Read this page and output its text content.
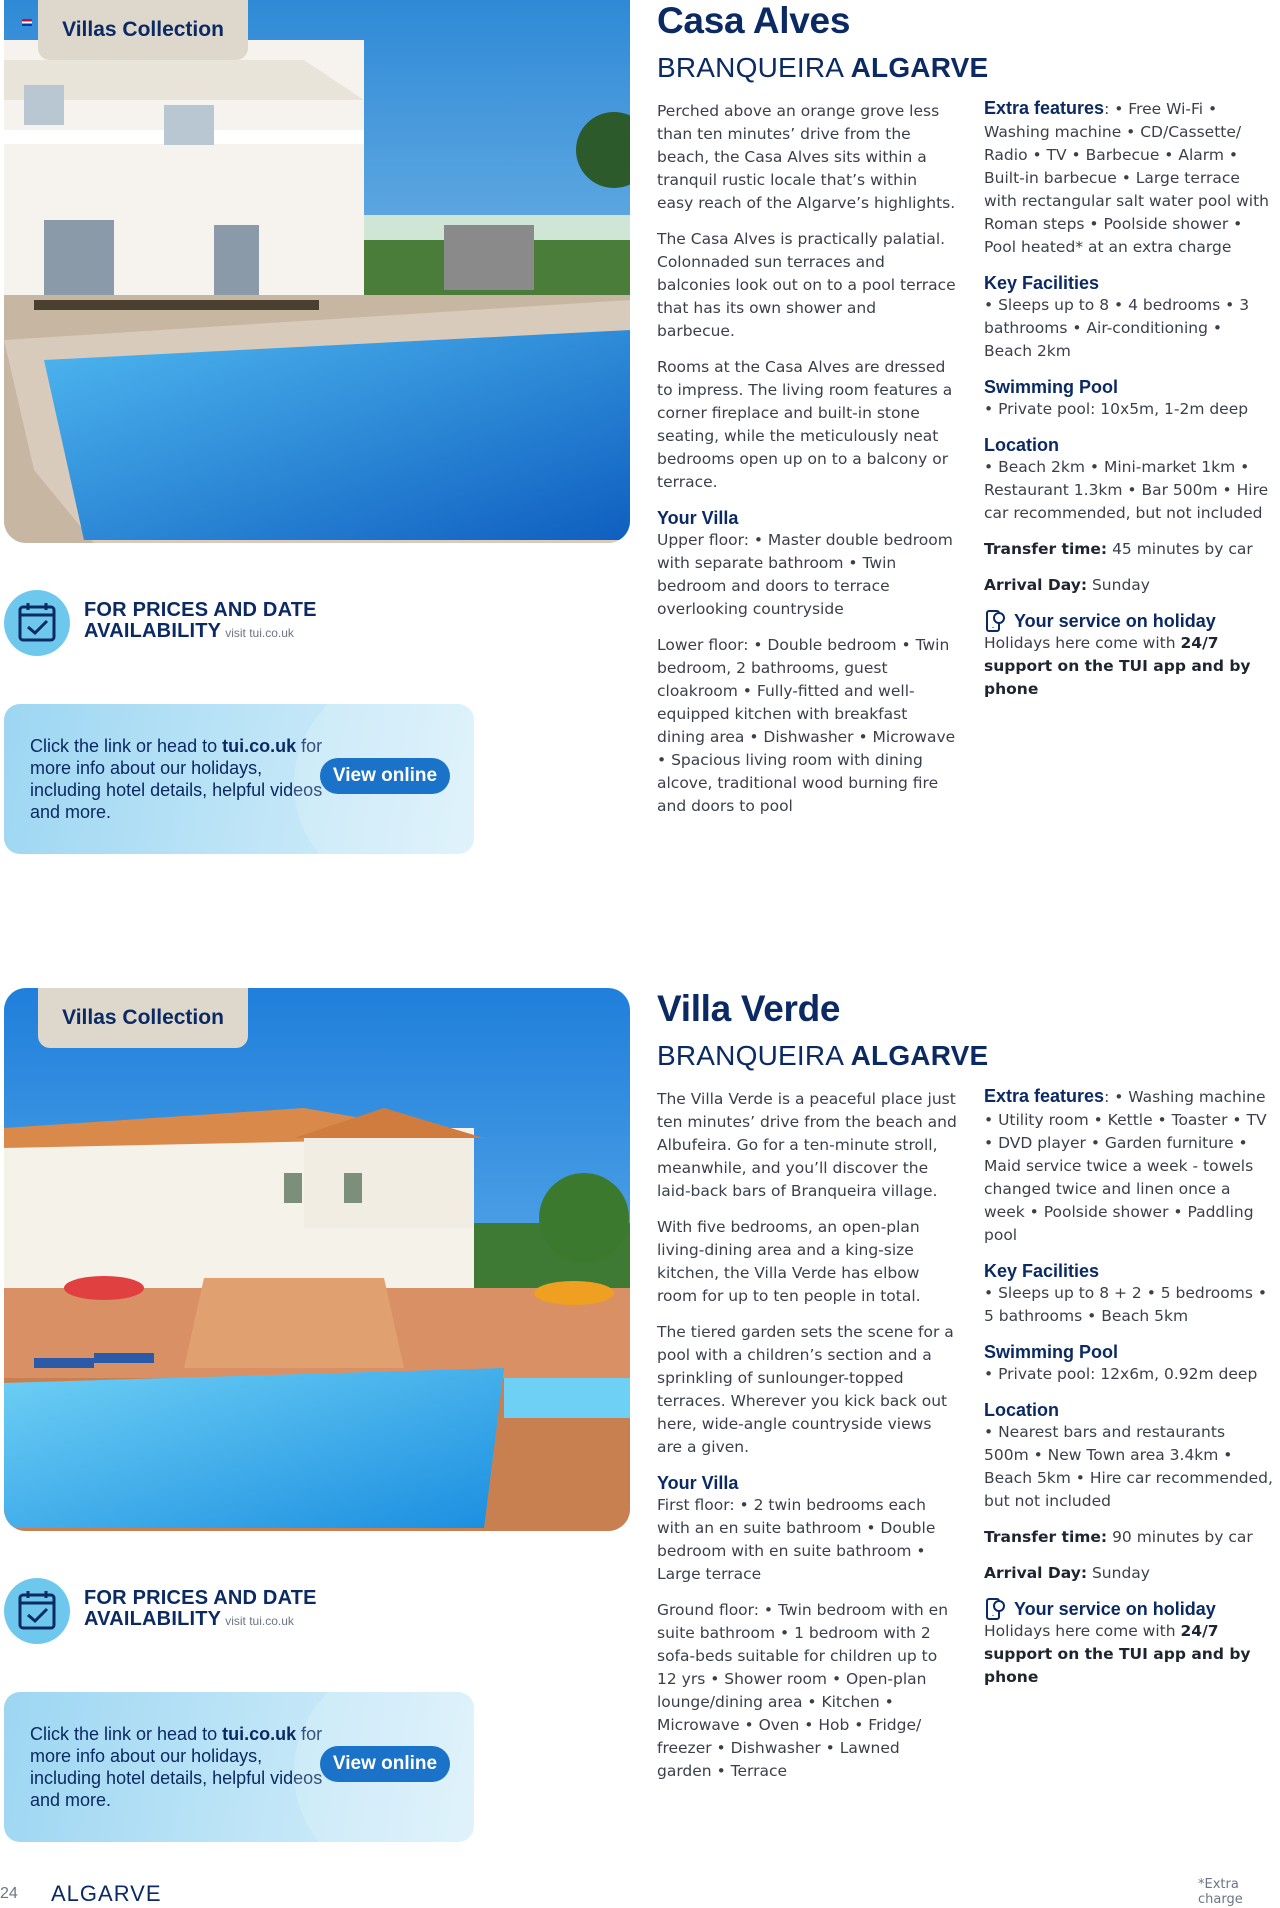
Villas Collection
FOR PRICES AND DATE
AVAILABILITY visit tui.co.uk
Click the link or head to tui.co.uk for more info about our holidays, including hotel details, helpful videos and more.
View online
Casa Alves
BRANQUEIRA ALGARVE

Perched above an orange grove less than ten minutes’ drive from the beach, the Casa Alves sits within a tranquil rustic locale that’s within easy reach of the Algarve’s highlights.

The Casa Alves is practically palatial. Colonnaded sun terraces and balconies look out on to a pool terrace that has its own shower and barbecue.

Rooms at the Casa Alves are dressed to impress. The living room features a corner fireplace and built-in stone seating, while the meticulously neat bedrooms open up on to a balcony or terrace.

Your Villa

Upper floor: • Master double bedroom with separate bathroom • Twin bedroom and doors to terrace overlooking countryside

Lower floor: • Double bedroom • Twin bedroom, 2 bathrooms, guest cloakroom • Fully-fitted and well-equipped kitchen with breakfast dining area • Dishwasher • Microwave • Spacious living room with dining alcove, traditional wood burning fire and doors to pool

Extra features: • Free Wi-Fi • Washing machine • CD/Cassette/ Radio • TV • Barbecue • Alarm • Built-in barbecue • Large terrace with rectangular salt water pool with Roman steps • Poolside shower • Pool heated* at an extra charge

Key Facilities

• Sleeps up to 8 • 4 bedrooms • 3 bathrooms • Air-conditioning • Beach 2km

Swimming Pool

• Private pool: 10x5m, 1-2m deep

Location

• Beach 2km • Mini-market 1km • Restaurant 1.3km • Bar 500m • Hire car recommended, but not included

Transfer time: 45 minutes by car

Arrival Day: Sunday

Your service on holiday

Holidays here come with 24/7 support on the TUI app and by phone

Villas Collection
FOR PRICES AND DATE
AVAILABILITY visit tui.co.uk
Click the link or head to tui.co.uk for more info about our holidays, including hotel details, helpful videos and more.
View online
Villa Verde
BRANQUEIRA ALGARVE

The Villa Verde is a peaceful place just ten minutes’ drive from the beach and Albufeira. Go for a ten-minute stroll, meanwhile, and you’ll discover the laid-back bars of Branqueira village.

With five bedrooms, an open-plan living-dining area and a king-size kitchen, the Villa Verde has elbow room for up to ten people in total.

The tiered garden sets the scene for a pool with a children’s section and a sprinkling of sunlounger-topped terraces. Wherever you kick back out here, wide-angle countryside views are a given.

Your Villa

First floor: • 2 twin bedrooms each with an en suite bathroom • Double bedroom with en suite bathroom • Large terrace

Ground floor: • Twin bedroom with en suite bathroom • 1 bedroom with 2 sofa-beds suitable for children up to 12 yrs • Shower room • Open-plan lounge/dining area • Kitchen • Microwave • Oven • Hob • Fridge/ freezer • Dishwasher • Lawned garden • Terrace

Extra features: • Washing machine • Utility room • Kettle • Toaster • TV • DVD player • Garden furniture • Maid service twice a week - towels changed twice and linen once a week • Poolside shower • Paddling pool

Key Facilities

• Sleeps up to 8 + 2 • 5 bedrooms • 5 bathrooms • Beach 5km

Swimming Pool

• Private pool: 12x6m, 0.92m deep

Location

• Nearest bars and restaurants 500m • New Town area 3.4km • Beach 5km • Hire car recommended, but not included

Transfer time: 90 minutes by car

Arrival Day: Sunday

Your service on holiday

Holidays here come with 24/7 support on the TUI app and by phone

24 ALGARVE	*Extra charge
